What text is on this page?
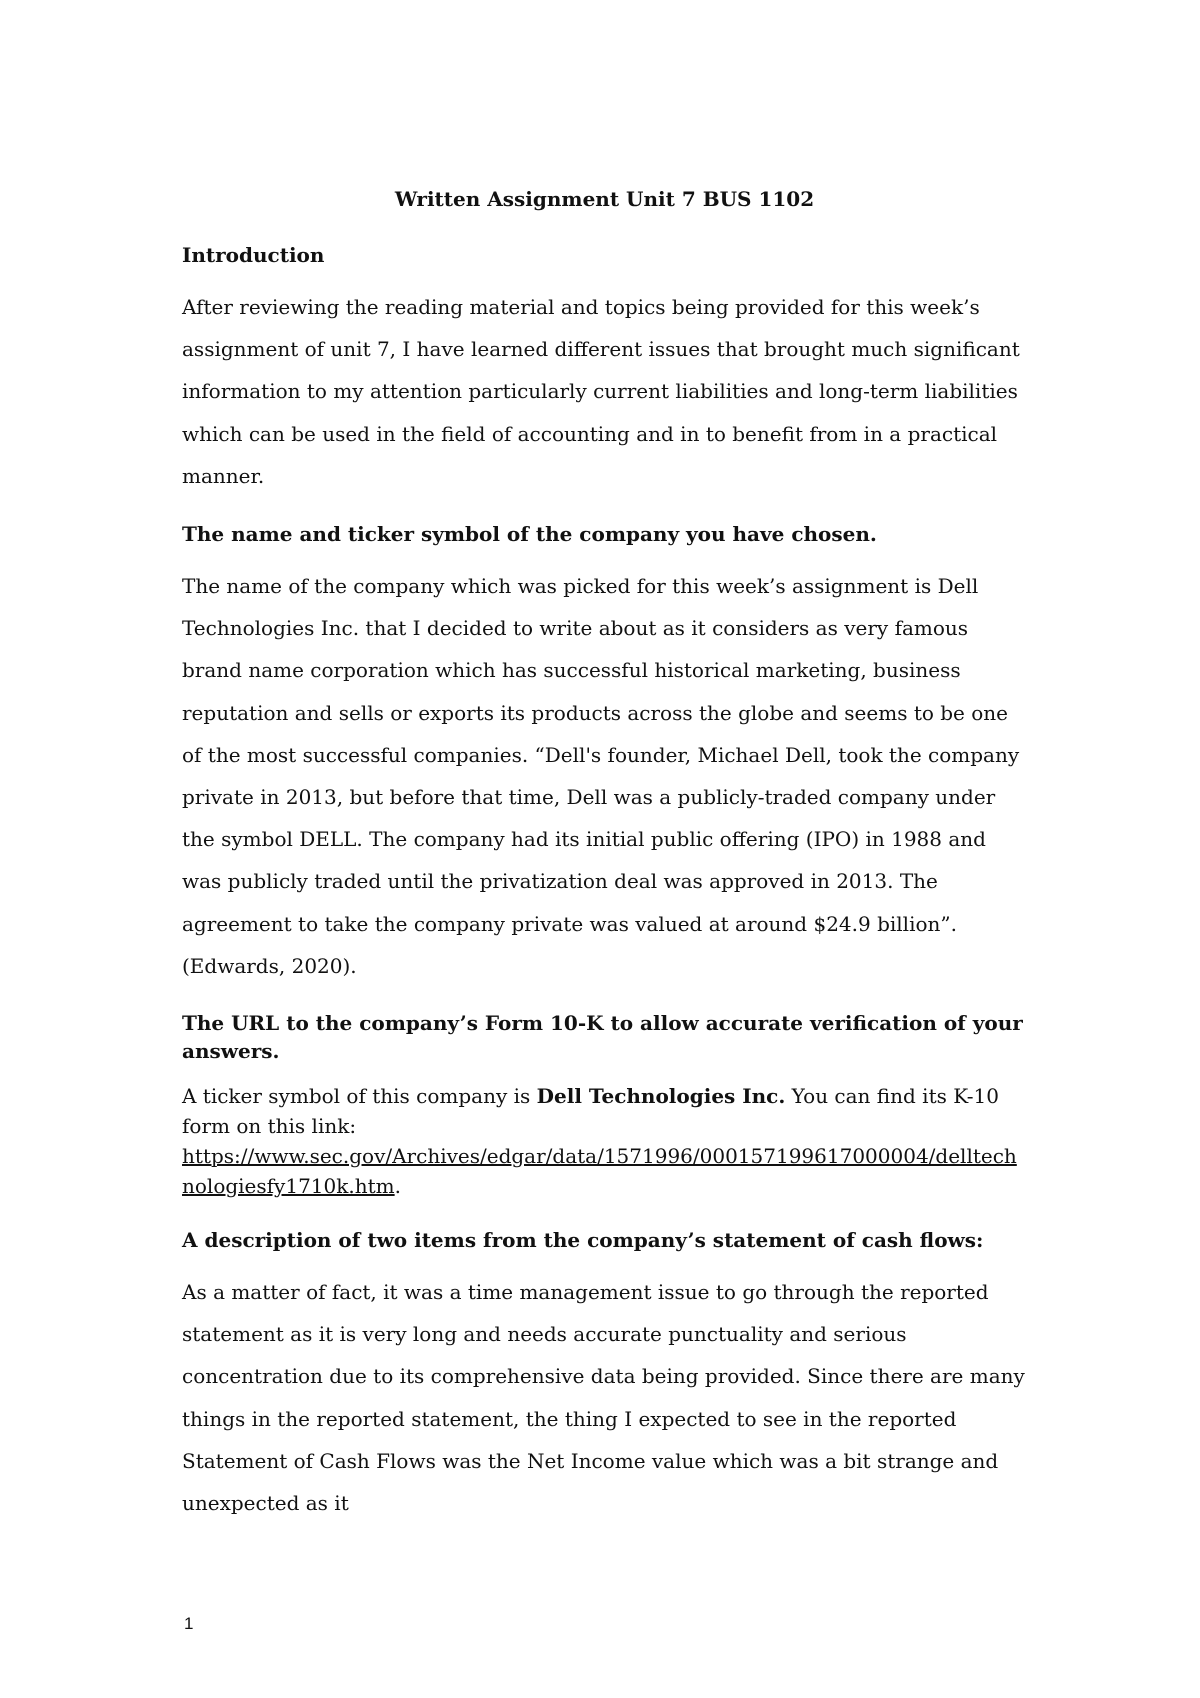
Written Assignment Unit 7 BUS 1102
Introduction

After reviewing the reading material and topics being provided for this week’s assignment of unit 7, I have learned different issues that brought much significant information to my attention particularly current liabilities and long-term liabilities which can be used in the field of accounting and in to benefit from in a practical manner.

The name and ticker symbol of the company you have chosen.

The name of the company which was picked for this week’s assignment is Dell Technologies Inc. that I decided to write about as it considers as very famous brand name corporation which has successful historical marketing, business reputation and sells or exports its products across the globe and seems to be one of the most successful companies. “Dell's founder, Michael Dell, took the company private in 2013, but before that time, Dell was a publicly-traded company under the symbol DELL. The company had its initial public offering (IPO) in 1988 and was publicly traded until the privatization deal was approved in 2013. The agreement to take the company private was valued at around $24.9 billion”. (Edwards, 2020).

The URL to the company’s Form 10-K to allow accurate verification of your answers.

A ticker symbol of this company is Dell Technologies Inc. You can find its K-10 form on this link:
https://www.sec.gov/Archives/edgar/data/1571996/000157199617000004/delltechnologiesfy1710k.htm.

A description of two items from the company’s statement of cash flows:

As a matter of fact, it was a time management issue to go through the reported statement as it is very long and needs accurate punctuality and serious concentration due to its comprehensive data being provided. Since there are many things in the reported statement, the thing I expected to see in the reported Statement of Cash Flows was the Net Income value which was a bit strange and unexpected as it

1
